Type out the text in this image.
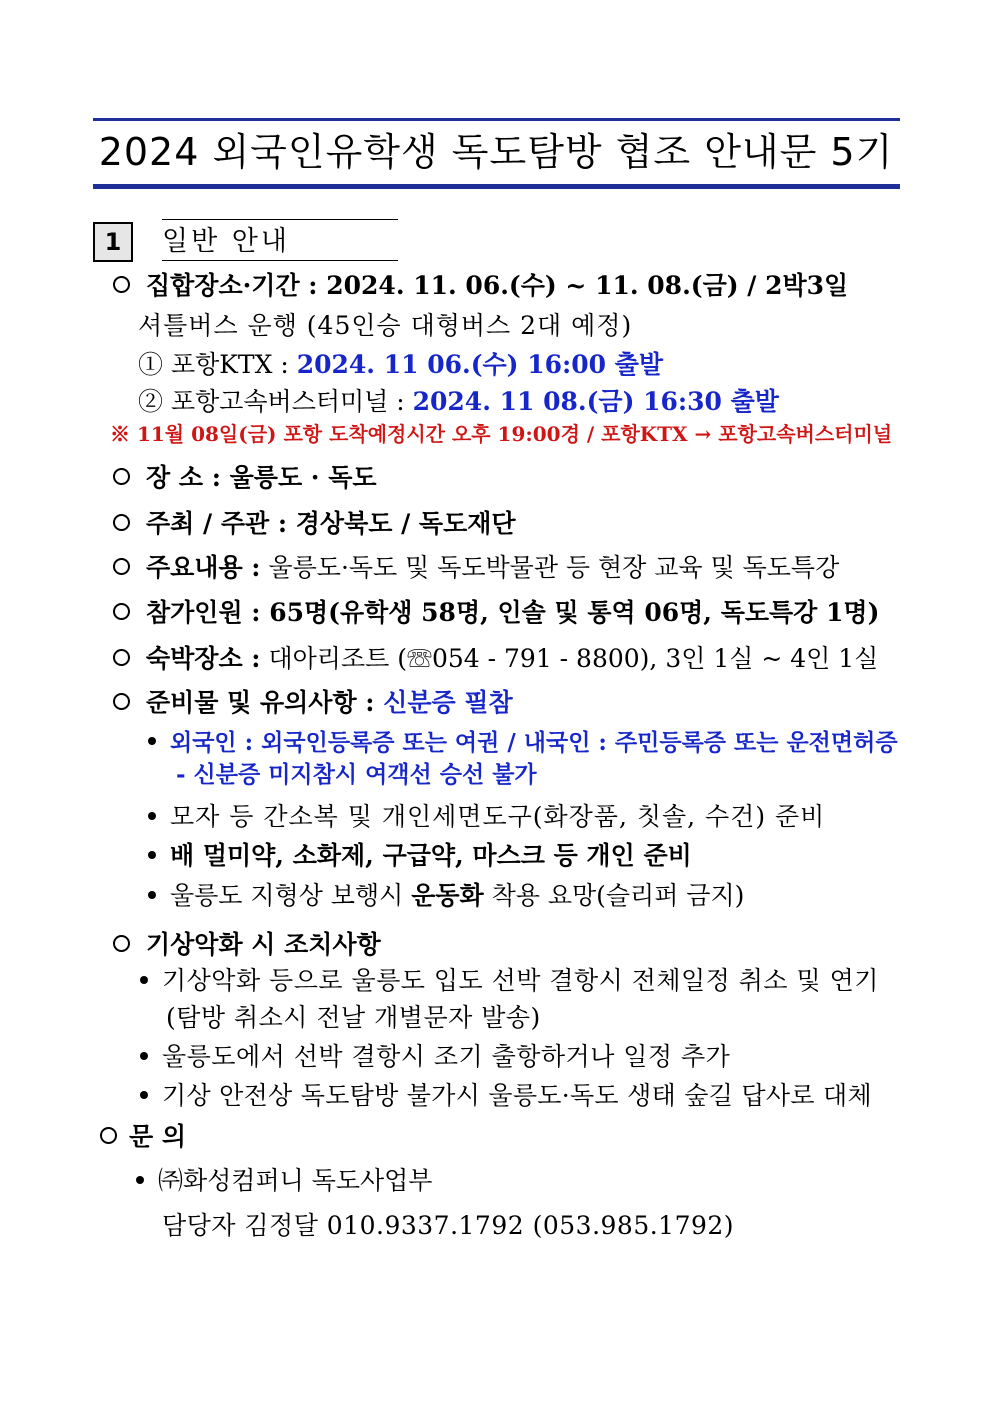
2024 외국인유학생 독도탐방 협조 안내문 5기
1	일반 안내
집합장소·기간 : 2024. 11. 06.(수) ~ 11. 08.(금) / 2박3일
셔틀버스 운행 (45인승 대형버스 2대 예정)
① 포항KTX : 2024. 11 06.(수) 16:00 출발
② 포항고속버스터미널 : 2024. 11 08.(금) 16:30 출발
※ 11월 08일(금) 포항 도착예정시간 오후 19:00경 / 포항KTX → 포항고속버스터미널
장 소 : 울릉도 · 독도
주최 / 주관 : 경상북도 / 독도재단
주요내용 : 울릉도·독도 및 독도박물관 등 현장 교육 및 독도특강
참가인원 : 65명(유학생 58명, 인솔 및 통역 06명, 독도특강 1명)
숙박장소 : 대아리조트 (☏054 - 791 - 8800), 3인 1실 ~ 4인 1실
준비물 및 유의사항 : 신분증 필참
외국인 : 외국인등록증 또는 여권 / 내국인 : 주민등록증 또는 운전면허증
- 신분증 미지참시 여객선 승선 불가
모자 등 간소복 및 개인세면도구(화장품, 칫솔, 수건) 준비
배 멀미약, 소화제, 구급약, 마스크 등 개인 준비
울릉도 지형상 보행시 운동화 착용 요망(슬리퍼 금지)
기상악화 시 조치사항
기상악화 등으로 울릉도 입도 선박 결항시 전체일정 취소 및 연기
(탐방 취소시 전날 개별문자 발송)
울릉도에서 선박 결항시 조기 출항하거나 일정 추가
기상 안전상 독도탐방 불가시 울릉도·독도 생태 숲길 답사로 대체
문 의
㈜화성컴퍼니 독도사업부
담당자 김정달 010.9337.1792 (053.985.1792)
